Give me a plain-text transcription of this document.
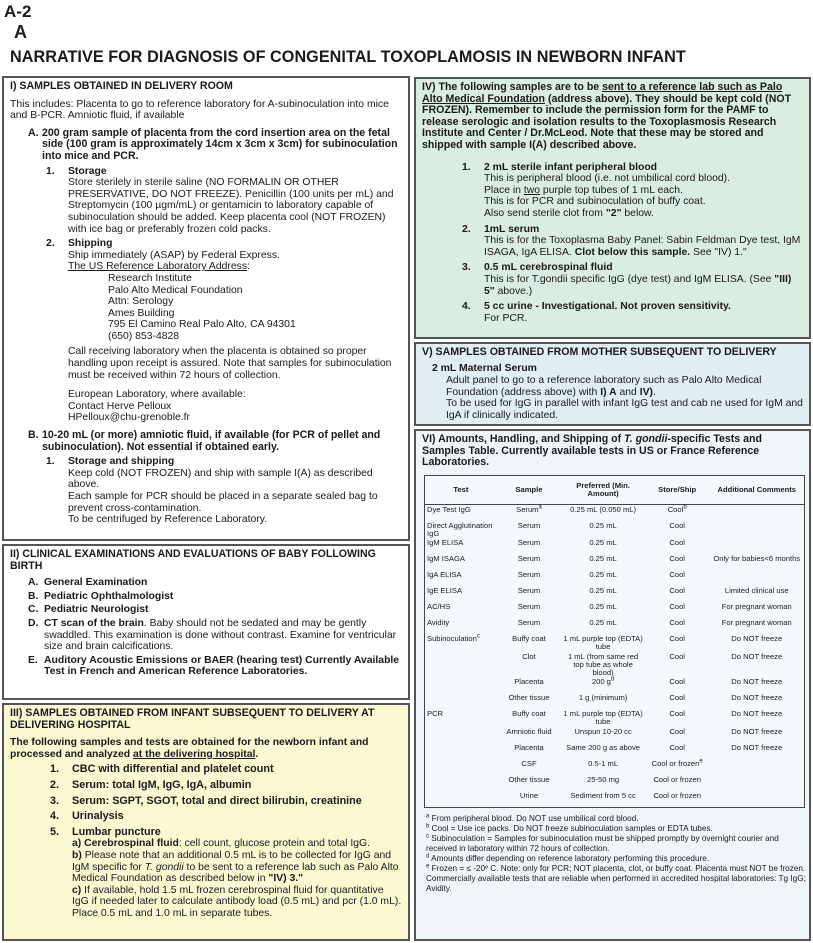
A-2
A
NARRATIVE FOR DIAGNOSIS OF CONGENITAL TOXOPLAMOSIS IN NEWBORN INFANT

I) SAMPLES OBTAINED IN DELIVERY ROOM

This includes: Placenta to go to reference laboratory for A-subinoculation into mice and B-PCR. Amniotic fluid, if available

A. 200 gram sample of placenta from the cord insertion area on the fetal side (100 gram is approximately 14cm x 3cm x 3cm) for subinoculation into mice and PCR.
1.	Storage

Store sterilely in sterile saline (NO FORMALIN OR OTHER PRESERVATIVE, DO NOT FREEZE). Penicillin (100 units per mL) and Streptomycin (100 µgm/mL) or gentamicin to laboratory capable of subinoculation should be added. Keep placenta cool (NOT FROZEN) with ice bag or preferably frozen cold packs.

2.	Shipping

Ship immediately (ASAP) by Federal Express.

The US Reference Laboratory Address:

Research Institute

Palo Alto Medical Foundation

Attn: Serology

Ames Building

795 El Camino Real Palo Alto, CA 94301

(650) 853-4828

Call receiving laboratory when the placenta is obtained so proper handling upon receipt is assured. Note that samples for subinoculation must be received within 72 hours of collection.

European Laboratory, where available:

Contact Herve Pelloux

HPelloux@chu-grenoble.fr

B. 10-20 mL (or more) amniotic fluid, if available (for PCR of pellet and subinoculation). Not essential if obtained early.
1.	Storage and shipping

Keep cold (NOT FROZEN) and ship with sample I(A) as described above.

Each sample for PCR should be placed in a separate sealed bag to prevent cross-contamination.

To be centrifuged by Reference Laboratory.

II) CLINICAL EXAMINATIONS AND EVALUATIONS OF BABY FOLLOWING BIRTH

A. General Examination
B. Pediatric Ophthalmologist
C. Pediatric Neurologist
D. CT scan of the brain. Baby should not be sedated and may be gently swaddled. This examination is done without contrast. Examine for ventricular size and brain calcifications.
E. Auditory Acoustic Emissions or BAER (hearing test) Currently Available Test in French and American Reference Laboratories.

III) SAMPLES OBTAINED FROM INFANT SUBSEQUENT TO DELIVERY AT DELIVERING HOSPITAL

The following samples and tests are obtained for the newborn infant and processed and analyzed at the delivering hospital.

1.	CBC with differential and platelet count
2.	Serum: total IgM, IgG, IgA, albumin
3.	Serum: SGPT, SGOT, total and direct bilirubin, creatinine
4.	Urinalysis
5.	Lumbar puncture

a) Cerebrospinal fluid: cell count, glucose protein and total IgG.

b) Please note that an additional 0.5 mL is to be collected for IgG and IgM specific for T. gondii to be sent to a reference lab such as Palo Alto Medical Foundation as described below in "IV) 3."

c) If available, hold 1.5 mL frozen cerebrospinal fluid for quantitative IgG if needed later to calculate antibody load (0.5 mL) and pcr (1.0 mL). Place 0.5 mL and 1.0 mL in separate tubes.

IV) The following samples are to be sent to a reference lab such as Palo Alto Medical Foundation (address above). They should be kept cold (NOT FROZEN). Remember to include the permission form for the PAMF to release serologic and isolation results to the Toxoplasmosis Research Institute and Center / Dr.McLeod. Note that these may be stored and shipped with sample I(A) described above.

1.	2 mL sterile infant peripheral blood

This is peripheral blood (i.e. not umbilical cord blood).

Place in two purple top tubes of 1 mL each.

This is for PCR and subinoculation of buffy coat.

Also send sterile clot from "2" below.

2.	1mL serum

This is for the Toxoplasma Baby Panel: Sabin Feldman Dye test, IgM ISAGA, IgA ELISA. Clot below this sample. See "IV) 1."

3.	0.5 mL cerebrospinal fluid

This is for T.gondii specific IgG (dye test) and IgM ELISA. (See "III) 5" above.)

4.	5 cc urine - Investigational. Not proven sensitivity.

For PCR.

V) SAMPLES OBTAINED FROM MOTHER SUBSEQUENT TO DELIVERY

2 mL Maternal Serum

Adult panel to go to a reference laboratory such as Palo Alto Medical Foundation (address above) with I) A and IV).

To be used for IgG in parallel with infant IgG test and cab ne used for IgM and IgA if clinically indicated.

VI) Amounts, Handling, and Shipping of T. gondii-specific Tests and Samples Table. Currently available tests in US or France Reference Laboratories.

Test	Sample	Preferred (Min. Amount)	Store/Ship	Additional Comments
Dye Test IgG	Serum$^a$	0.25 mL (0.050 mL)	Cool$^b$	
Direct Agglutination IgG	Serum	0.25 mL	Cool	
IgM ELISA	Serum	0.25 mL	Cool	
IgM ISAGA	Serum	0.25 mL	Cool	Only for babies<6 months
IgA ELISA	Serum	0.25 mL	Cool	
IgE ELISA	Serum	0.25 mL	Cool	Limited clinical use
AC/HS	Serum	0.25 mL	Cool	For pregnant woman
Avidity	Serum	0.25 mL	Cool	For pregnant woman
Subinoculation$^c$	Buffy coat	1 mL purple top (EDTA) tube	Cool	Do NOT freeze
	Clot	1 mL (from same red top tube as whole blood)	Cool	Do NOT freeze
	Placenta	200 $g^d$	Cool	Do NOT freeze
	Other tissue	1 g (minimum)	Cool	Do NOT freeze
PCR	Buffy coat	1 mL purple top (EDTA) tube	Cool	Do NOT freeze
	Amniotic fluid	Unspun 10-20 cc	Cool	Do NOT freeze
	Placenta	Same 200 g as above	Cool	Do NOT freeze
	CSF	0.5-1 mL	Cool or frozen$^e$	
	Other tissue	25-50 mg	Cool or frozen	
	Urine	Sediment from 5 cc	Cool or frozen	

$^a$ From peripheral blood. Do NOT use umbilical cord blood.

$^b$ Cool = Use ice packs. Do NOT freeze subinoculation samples or EDTA tubes.

$^c$ Subinoculation = Samples for subinoculation must be shipped promptly by overnight courier and received in laboratory within 72 hours of collection.

$^d$ Amounts differ depending on reference laboratory performing this procedure.

$^e$ Frozen = ≤ -20º C. Note: only for PCR; NOT placenta, clot, or buffy coat. Placenta must NOT be frozen.

Commercially available tests that are reliable when performed in accredited hospital laboratories: Tg IgG; Avidity.
